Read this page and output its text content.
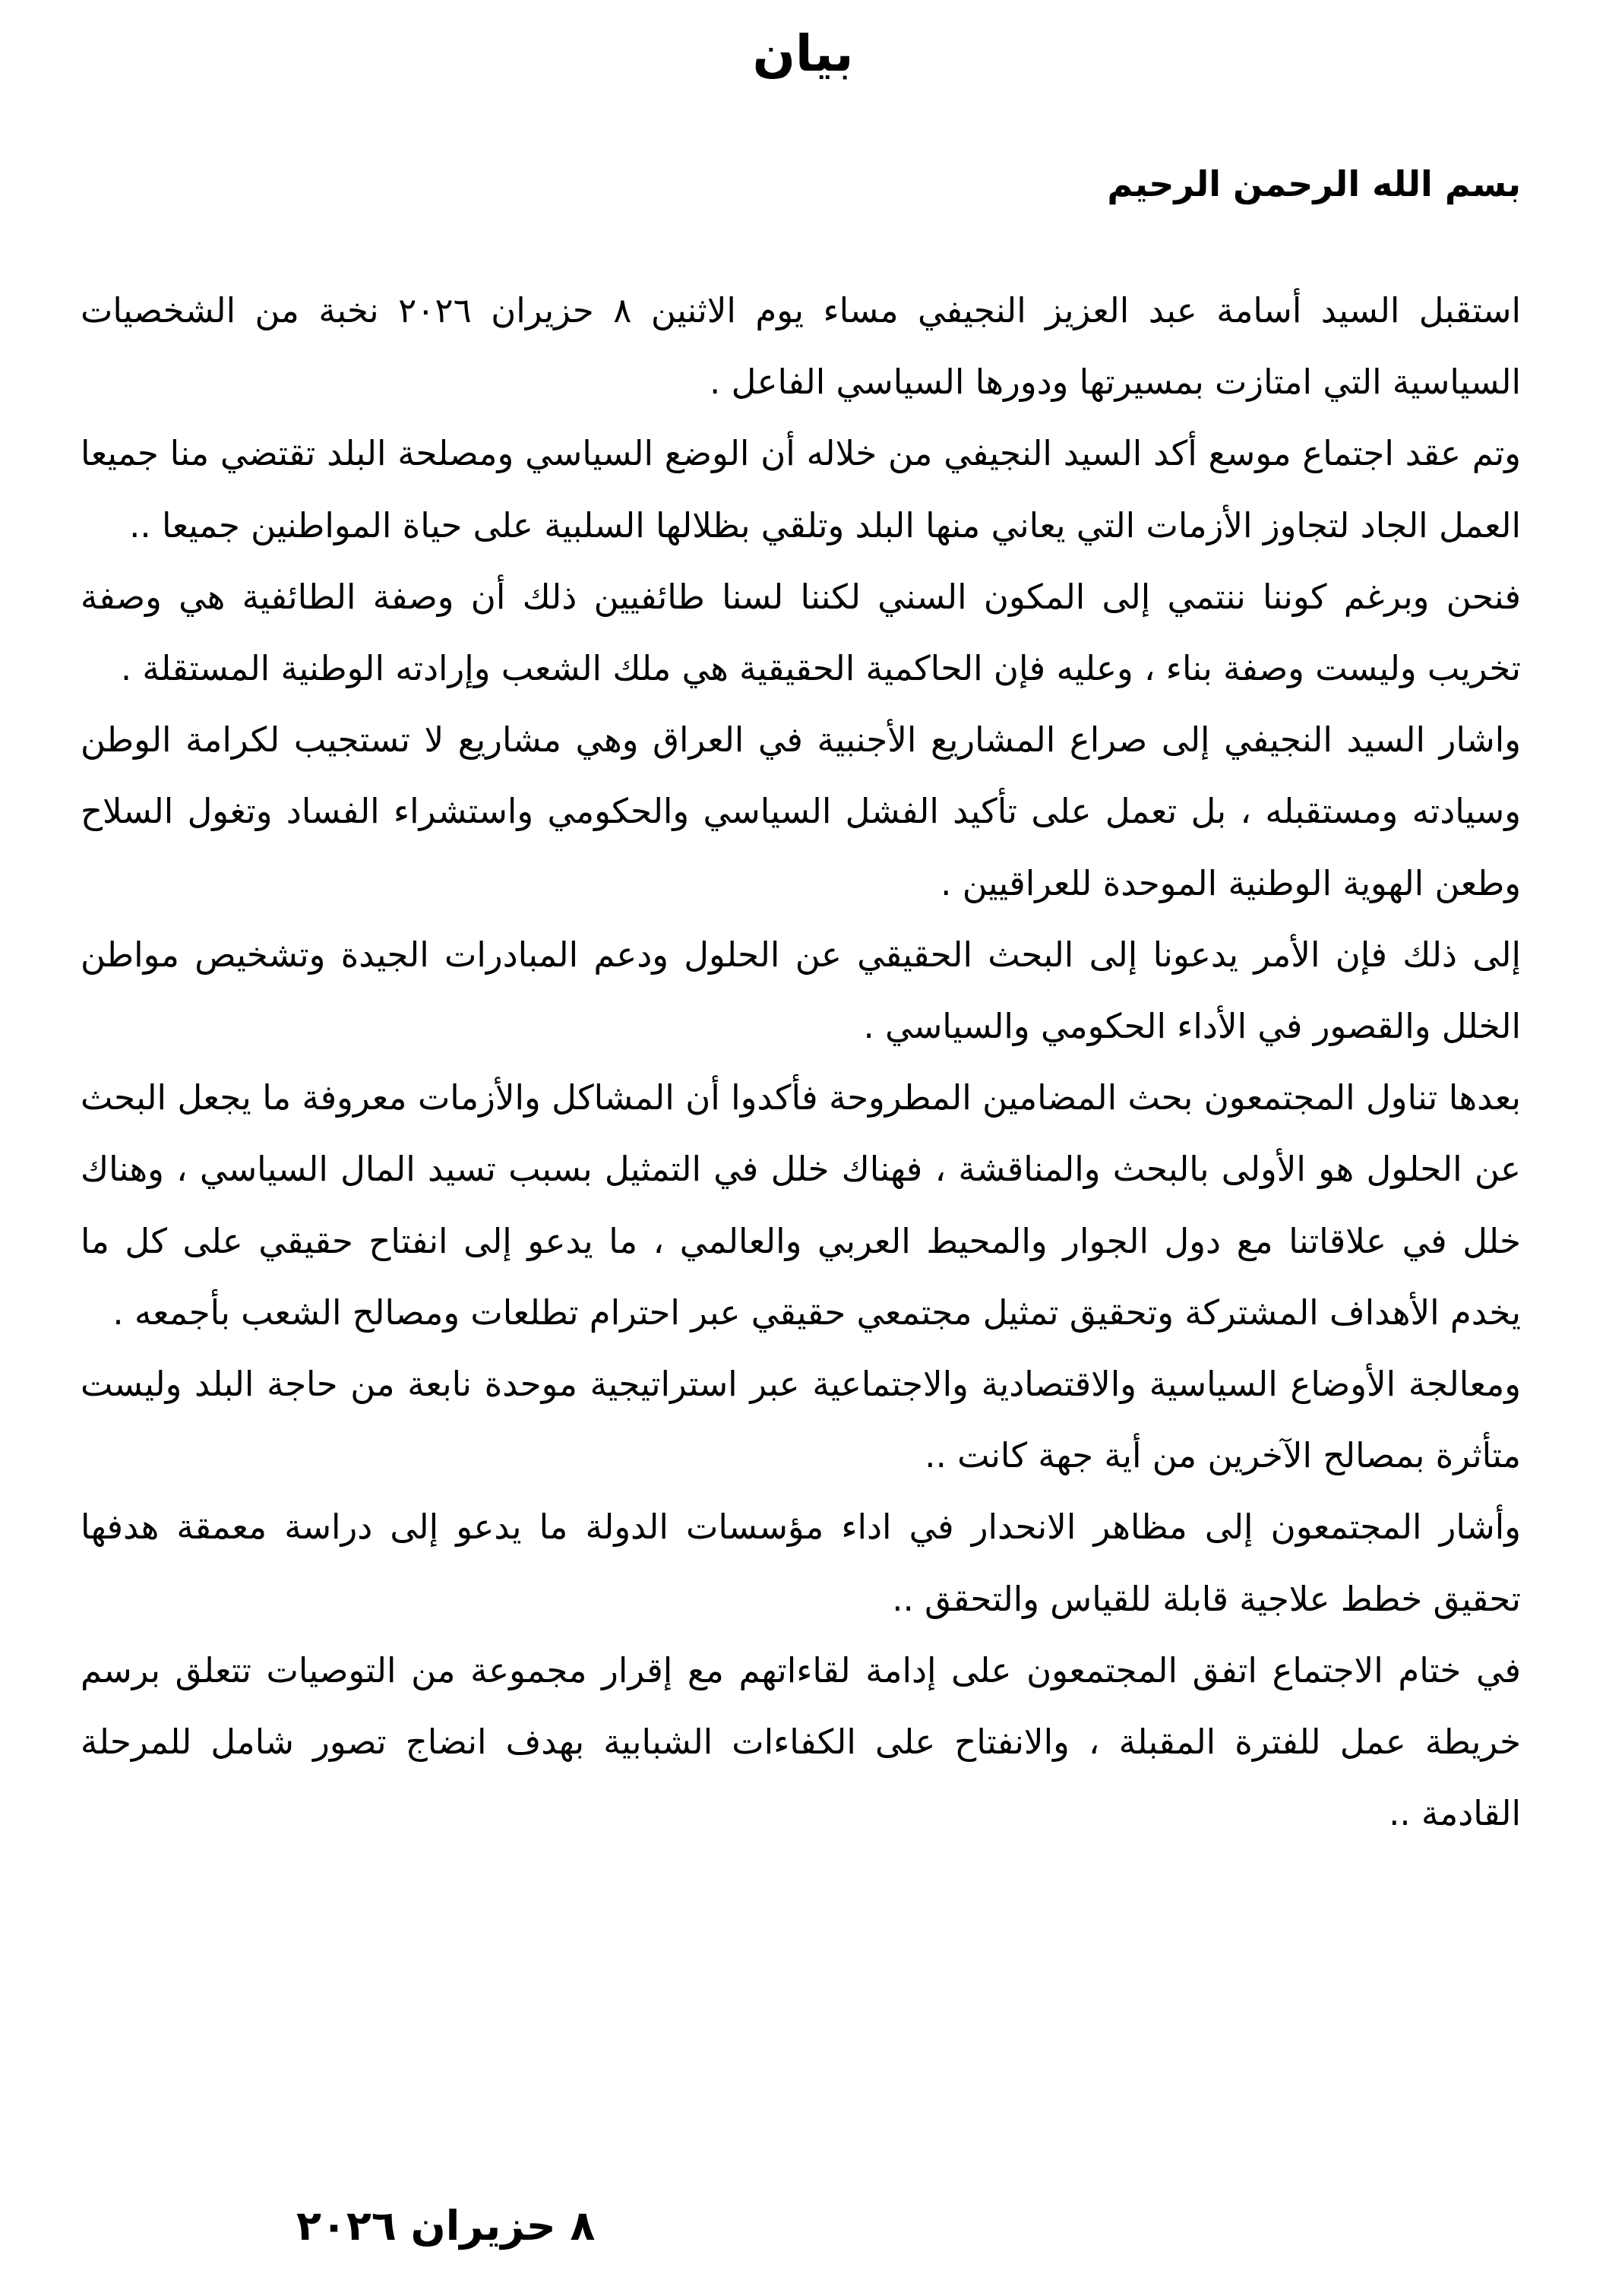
بيان

بسم الله الرحمن الرحيم

استقبل السيد أسامة عبد العزيز النجيفي مساء يوم الاثنين ٨ حزيران ٢٠٢٦ نخبة من الشخصيات السياسية التي امتازت بمسيرتها ودورها السياسي الفاعل .

وتم عقد اجتماع موسع أكد السيد النجيفي من خلاله أن الوضع السياسي ومصلحة البلد تقتضي منا جميعا العمل الجاد لتجاوز الأزمات التي يعاني منها البلد وتلقي بظلالها السلبية على حياة المواطنين جميعا ..

فنحن وبرغم كوننا ننتمي إلى المكون السني لكننا لسنا طائفيين ذلك أن وصفة الطائفية هي وصفة تخريب وليست وصفة بناء ، وعليه فإن الحاكمية الحقيقية هي ملك الشعب وإرادته الوطنية المستقلة .

واشار السيد النجيفي إلى صراع المشاريع الأجنبية في العراق وهي مشاريع لا تستجيب لكرامة الوطن وسيادته ومستقبله ، بل تعمل على تأكيد الفشل السياسي والحكومي واستشراء الفساد وتغول السلاح وطعن الهوية الوطنية الموحدة للعراقيين .

إلى ذلك فإن الأمر يدعونا إلى البحث الحقيقي عن الحلول ودعم المبادرات الجيدة وتشخيص مواطن الخلل والقصور في الأداء الحكومي والسياسي .

بعدها تناول المجتمعون بحث المضامين المطروحة فأكدوا أن المشاكل والأزمات معروفة ما يجعل البحث عن الحلول هو الأولى بالبحث والمناقشة ، فهناك خلل في التمثيل بسبب تسيد المال السياسي ، وهناك خلل في علاقاتنا مع دول الجوار والمحيط العربي والعالمي ، ما يدعو إلى انفتاح حقيقي على كل ما يخدم الأهداف المشتركة وتحقيق تمثيل مجتمعي حقيقي عبر احترام تطلعات ومصالح الشعب بأجمعه .

ومعالجة الأوضاع السياسية والاقتصادية والاجتماعية عبر استراتيجية موحدة نابعة من حاجة البلد وليست متأثرة بمصالح الآخرين من أية جهة كانت ..

وأشار المجتمعون إلى مظاهر الانحدار في اداء مؤسسات الدولة ما يدعو إلى دراسة معمقة هدفها تحقيق خطط علاجية قابلة للقياس والتحقق ..

في ختام الاجتماع اتفق المجتمعون على إدامة لقاءاتهم مع إقرار مجموعة من التوصيات تتعلق برسم خريطة عمل للفترة المقبلة ، والانفتاح على الكفاءات الشبابية بهدف انضاج تصور شامل للمرحلة القادمة ..

٨ حزيران ٢٠٢٦
